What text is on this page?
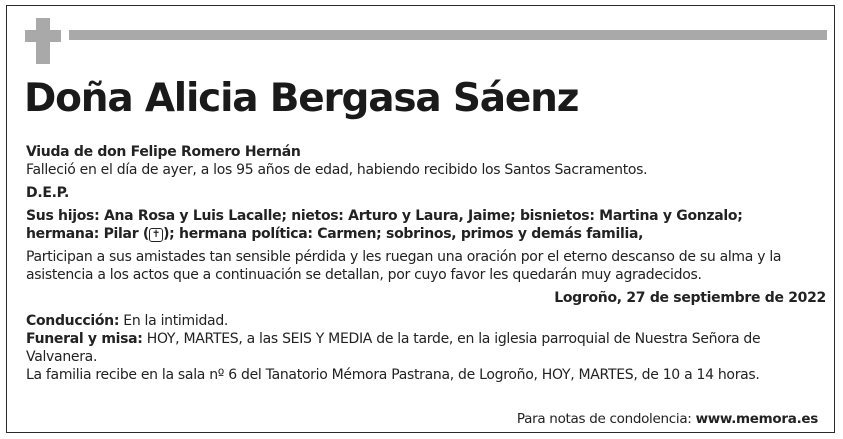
Doña Alicia Bergasa Sáenz

Viuda de don Felipe Romero Hernán

Falleció en el día de ayer, a los 95 años de edad, habiendo recibido los Santos Sacramentos.

D.E.P.

Sus hijos: Ana Rosa y Luis Lacalle; nietos: Arturo y Laura, Jaime; bisnietos: Martina y Gonzalo;
hermana: Pilar ( ✝ ); hermana política: Carmen; sobrinos, primos y demás familia,

Participan a sus amistades tan sensible pérdida y les ruegan una oración por el eterno descanso de su alma y la asistencia a los actos que a continuación se detallan, por cuyo favor les quedarán muy agradecidos.

Logroño, 27 de septiembre de 2022

Conducción: En la intimidad.

Funeral y misa: HOY, MARTES, a las SEIS Y MEDIA de la tarde, en la iglesia parroquial de Nuestra Señora de Valvanera.

La familia recibe en la sala nº 6 del Tanatorio Mémora Pastrana, de Logroño, HOY, MARTES, de 10 a 14 horas.

Para notas de condolencia: www.memora.es
